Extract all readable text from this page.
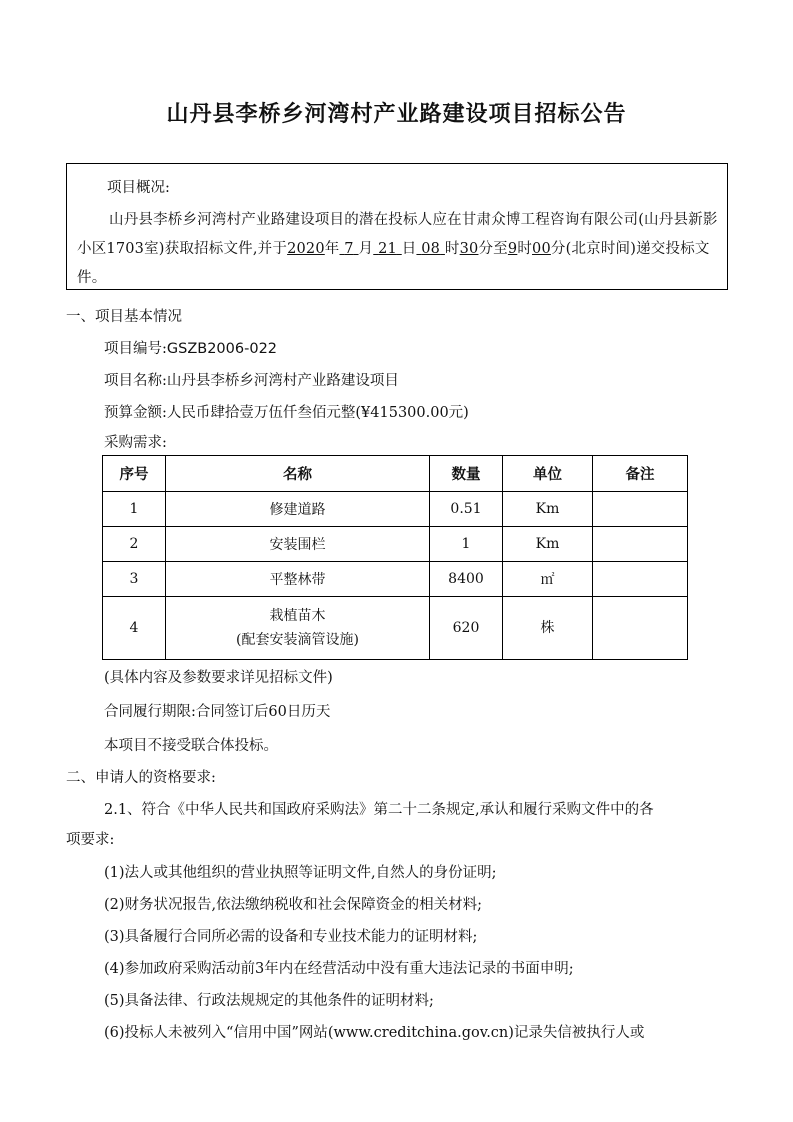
山丹县李桥乡河湾村产业路建设项目招标公告
项目概况:
山丹县李桥乡河湾村产业路建设项目的潜在投标人应在甘肃众博工程咨询有限公司(山丹县新影小区1703室)获取招标文件,并于2020年 7 月 21 日 08 时30分至9时00分(北京时间)递交投标文件。
一、项目基本情况
项目编号:GSZB2006-022
项目名称:山丹县李桥乡河湾村产业路建设项目
预算金额:人民币肆拾壹万伍仟叁佰元整(¥415300.00元)
采购需求:
序号	名称	数量	单位	备注
1	修建道路	0.51	Km	
2	安装围栏	1	Km	
3	平整林带	8400	㎡	
4	栽植苗木
(配套安装滴管设施)	620	株	
(具体内容及参数要求详见招标文件)
合同履行期限:合同签订后60日历天
本项目不接受联合体投标。
二、申请人的资格要求:
2.1、符合《中华人民共和国政府采购法》第二十二条规定,承认和履行采购文件中的各
项要求:
(1)法人或其他组织的营业执照等证明文件,自然人的身份证明;
(2)财务状况报告,依法缴纳税收和社会保障资金的相关材料;
(3)具备履行合同所必需的设备和专业技术能力的证明材料;
(4)参加政府采购活动前3年内在经营活动中没有重大违法记录的书面申明;
(5)具备法律、行政法规规定的其他条件的证明材料;
(6)投标人未被列入“信用中国”网站(www.creditchina.gov.cn)记录失信被执行人或
